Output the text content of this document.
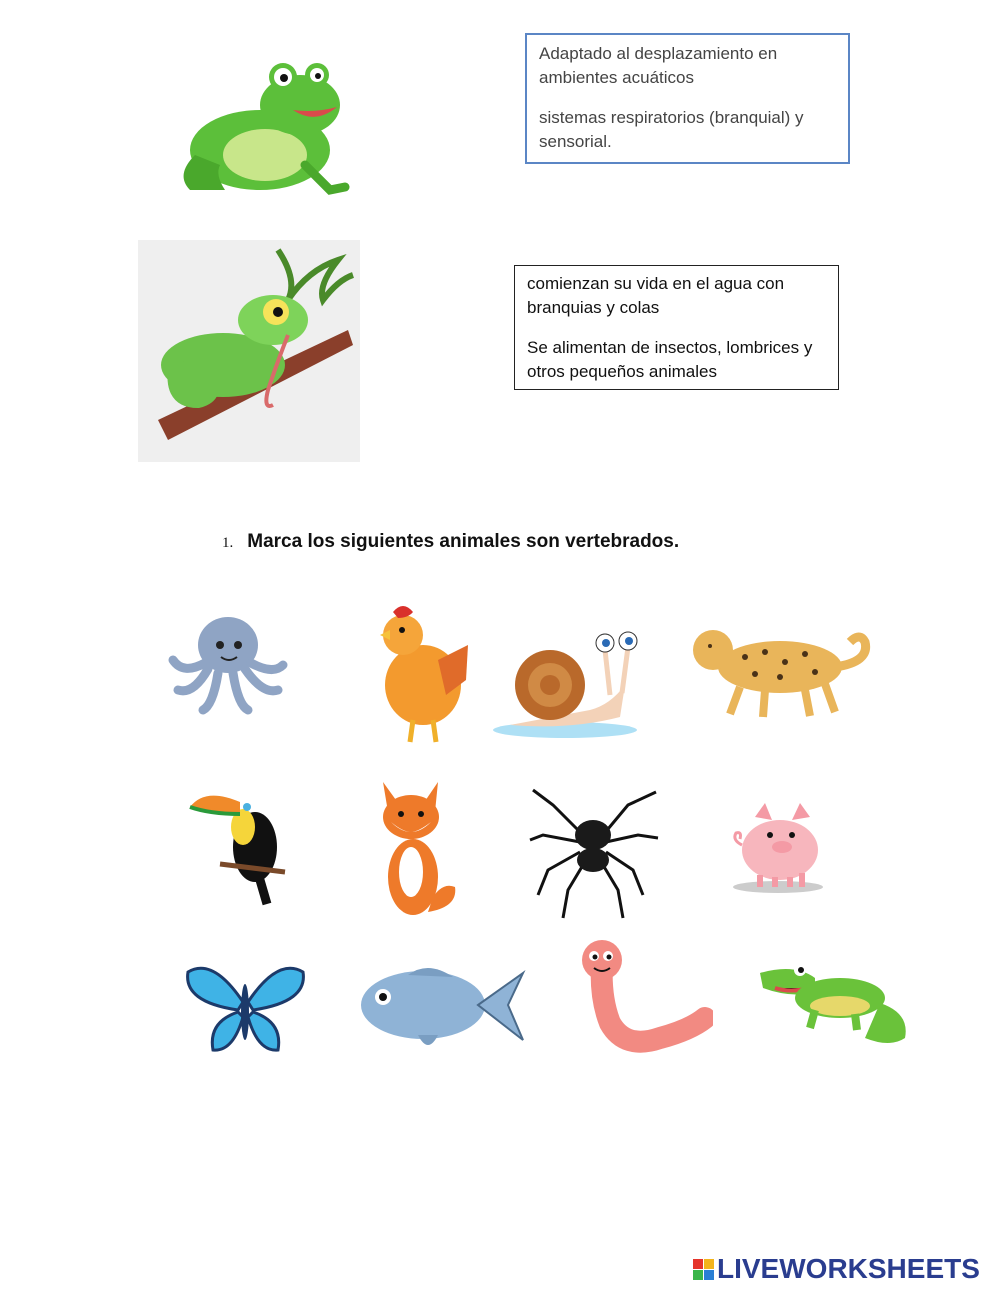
Adaptado al desplazamiento en ambientes acuáticos

sistemas respiratorios (branquial) y sensorial.

comienzan su vida en el agua con branquias y colas

Se alimentan de insectos, lombrices y otros pequeños animales

1. Marca los siguientes animales son vertebrados.
LIVEWORKSHEETS
